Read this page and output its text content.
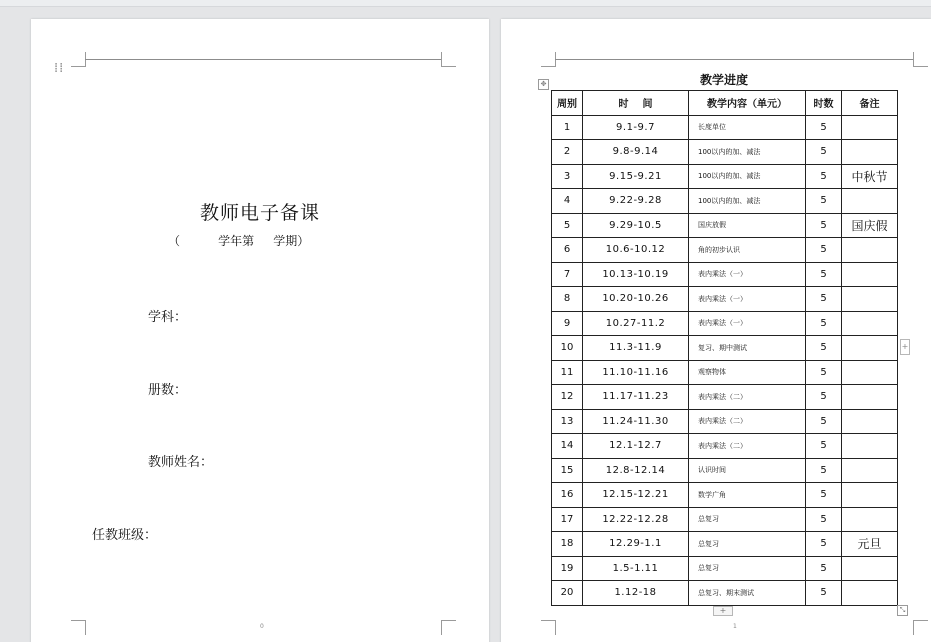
⁞⁞
教师电子备课
（          学年第     学期）
学科：
册数：
教师姓名：
任教班级：
0
✥	教学进度
周别	时    间	教学内容（单元）	时数	备注
1	9.1-9.7	长度单位	5	
2	9.8-9.14	100以内的加、减法	5	
3	9.15-9.21	100以内的加、减法	5	中秋节
4	9.22-9.28	100以内的加、减法	5	
5	9.29-10.5	国庆放假	5	国庆假
6	10.6-10.12	角的初步认识	5	
7	10.13-10.19	表内乘法（一）	5	
8	10.20-10.26	表内乘法（一）	5	
9	10.27-11.2	表内乘法（一）	5	
10	11.3-11.9	复习、期中测试	5	
11	11.10-11.16	观察物体	5	
12	11.17-11.23	表内乘法（二）	5	
13	11.24-11.30	表内乘法（二）	5	
14	12.1-12.7	表内乘法（二）	5	
15	12.8-12.14	认识时间	5	
16	12.15-12.21	数学广角	5	
17	12.22-12.28	总复习	5	
18	12.29-1.1	总复习	5	元旦
19	1.5-1.11	总复习	5	
20	1.12-18	总复习、期末测试	5	
+
+	⤡
1
